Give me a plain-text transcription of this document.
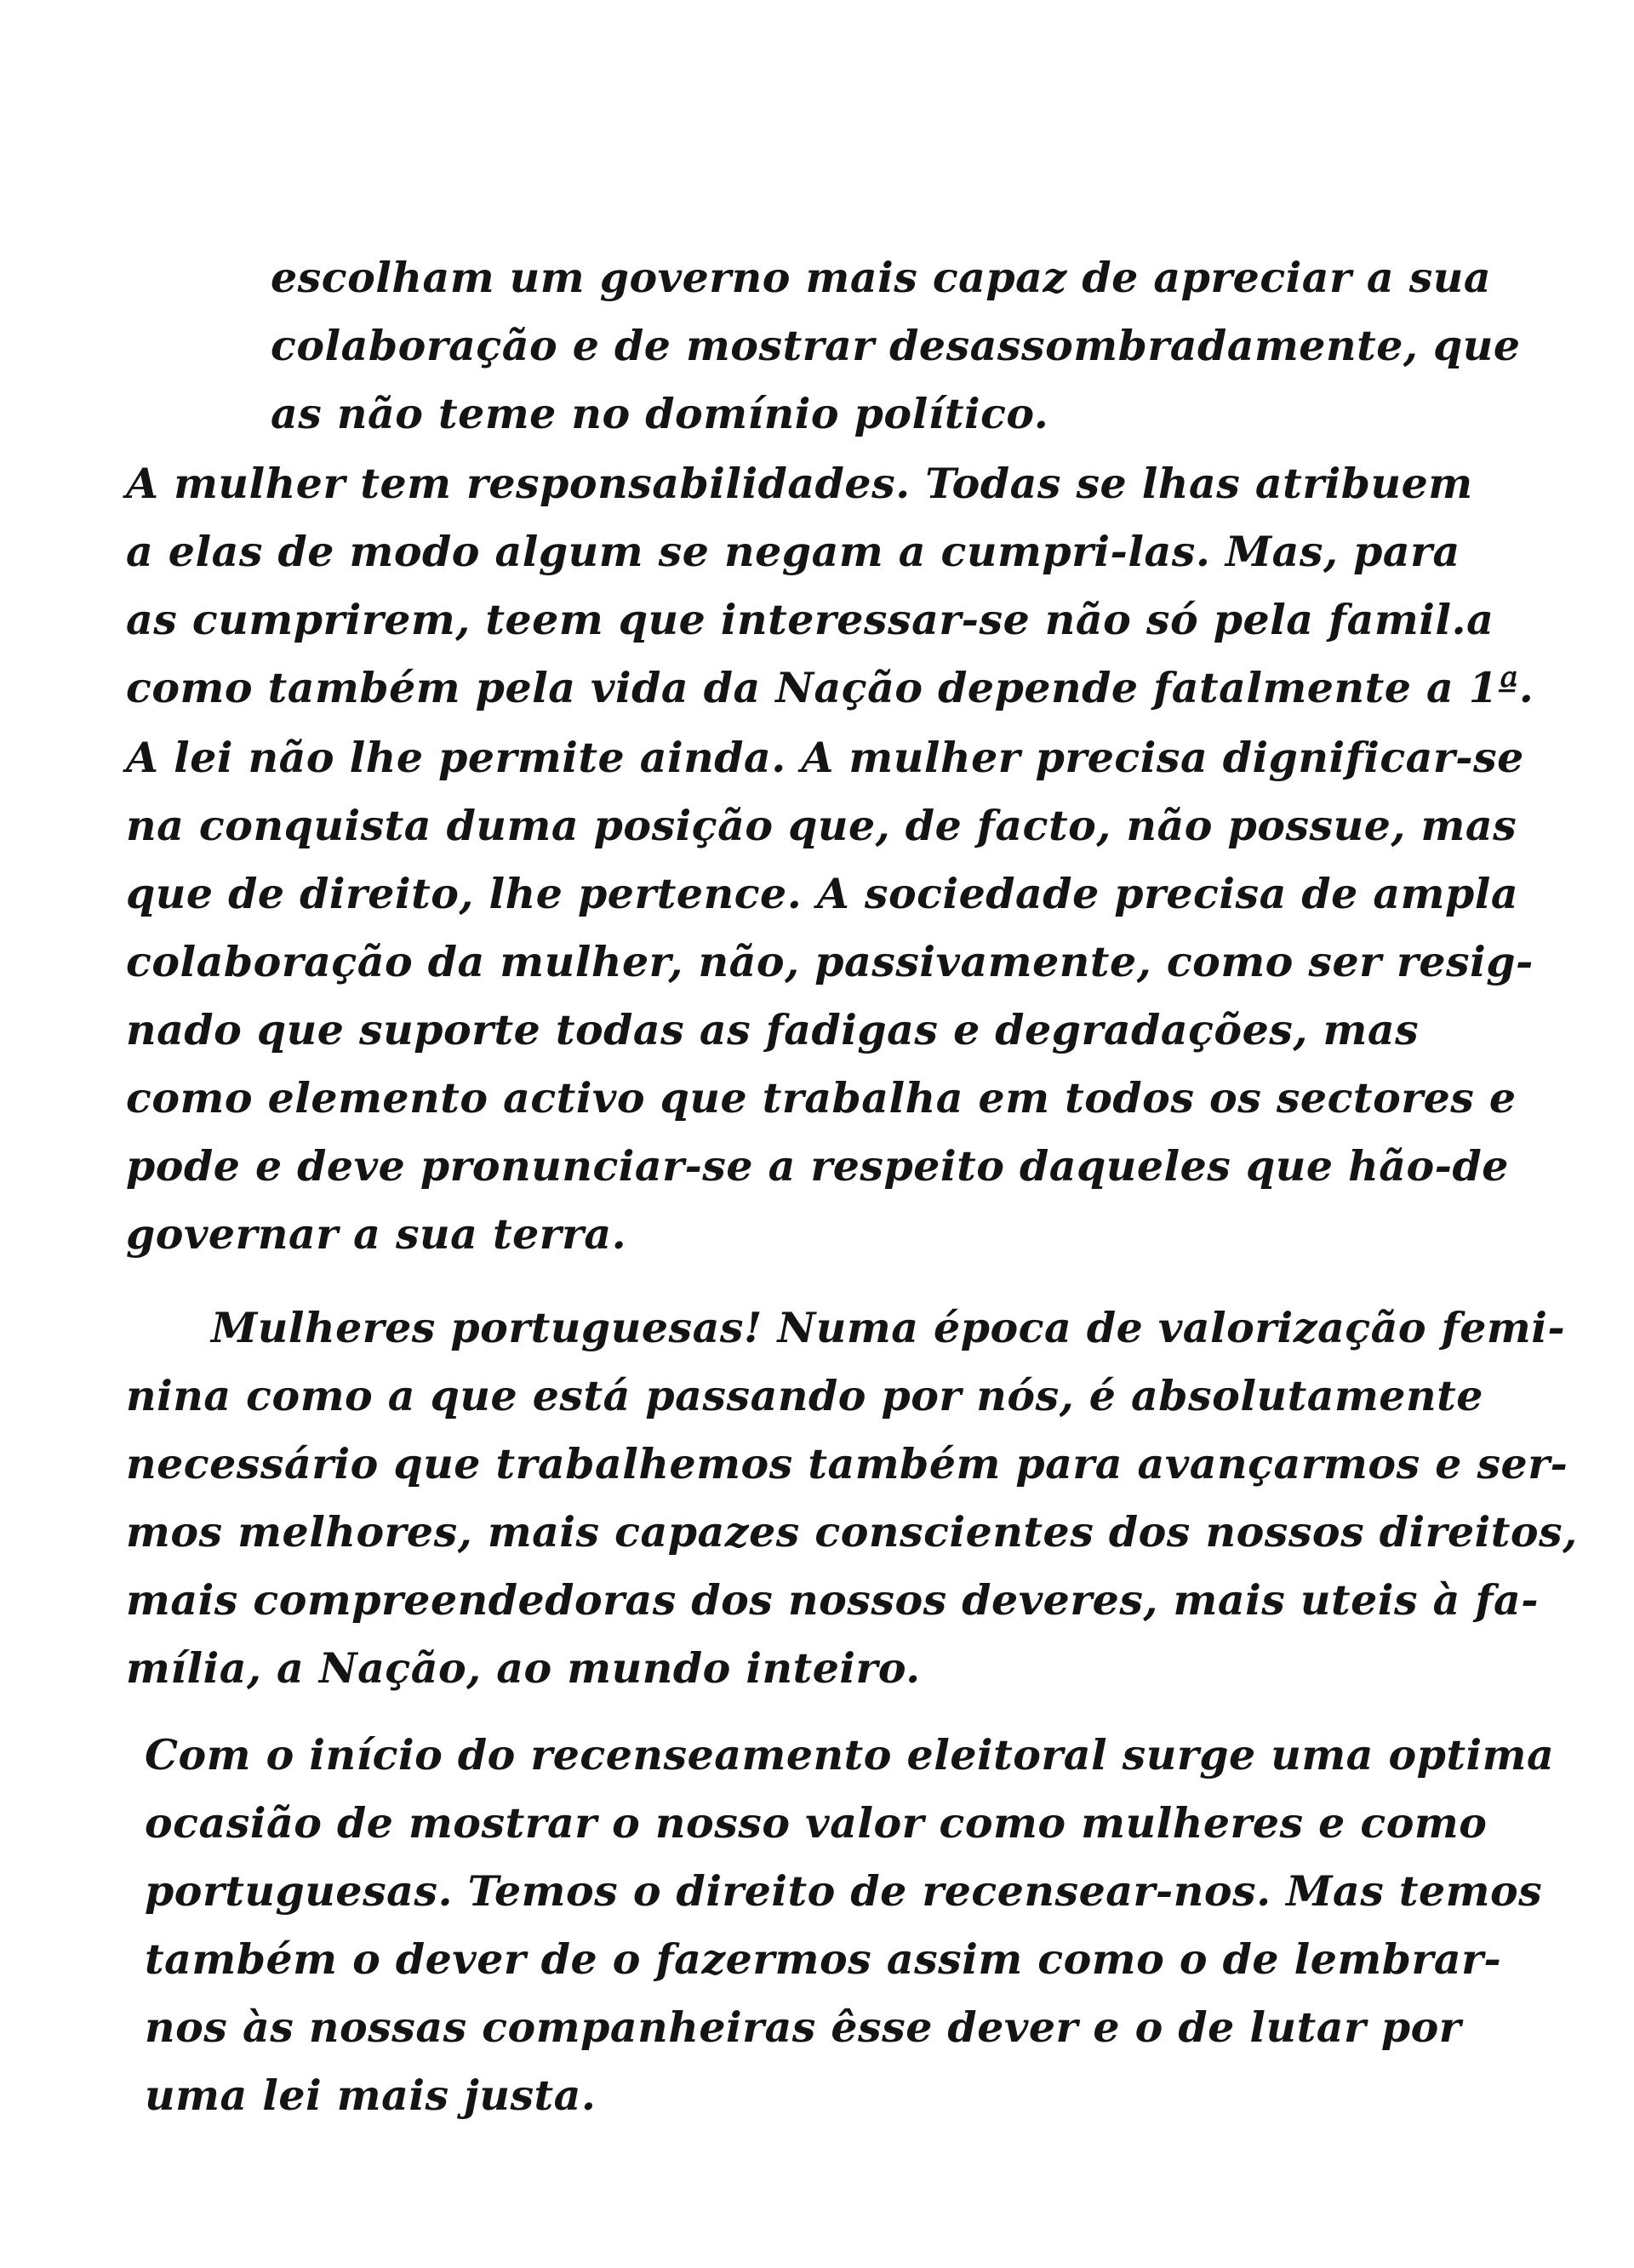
escolham um governo mais capaz de apreciar a sua
colaboração e de mostrar desassombradamente, que
as não teme no domínio político.
A mulher tem responsabilidades. Todas se lhas atribuem
a elas de modo algum se negam a cumpri-las. Mas, para
as cumprirem, teem que interessar-se não só pela famil.a
como também pela vida da Nação depende fatalmente a 1ª.
A lei não lhe permite ainda. A mulher precisa dignificar-se
na conquista duma posição que, de facto, não possue, mas
que de direito, lhe pertence. A sociedade precisa de ampla
colaboração da mulher, não, passivamente, como ser resig-
nado que suporte todas as fadigas e degradações, mas
como elemento activo que trabalha em todos os sectores e
pode e deve pronunciar-se a respeito daqueles que hão-de
governar a sua terra.
Mulheres portuguesas! Numa época de valorização femi-
nina como a que está passando por nós, é absolutamente
necessário que trabalhemos também para avançarmos e ser-
mos melhores, mais capazes conscientes dos nossos direitos,
mais compreendedoras dos nossos deveres, mais uteis à fa-
mília, a Nação, ao mundo inteiro.
Com o início do recenseamento eleitoral surge uma optima
ocasião de mostrar o nosso valor como mulheres e como
portuguesas. Temos o direito de recensear-nos. Mas temos
também o dever de o fazermos assim como o de lembrar-
nos às nossas companheiras êsse dever e o de lutar por
uma lei mais justa.
